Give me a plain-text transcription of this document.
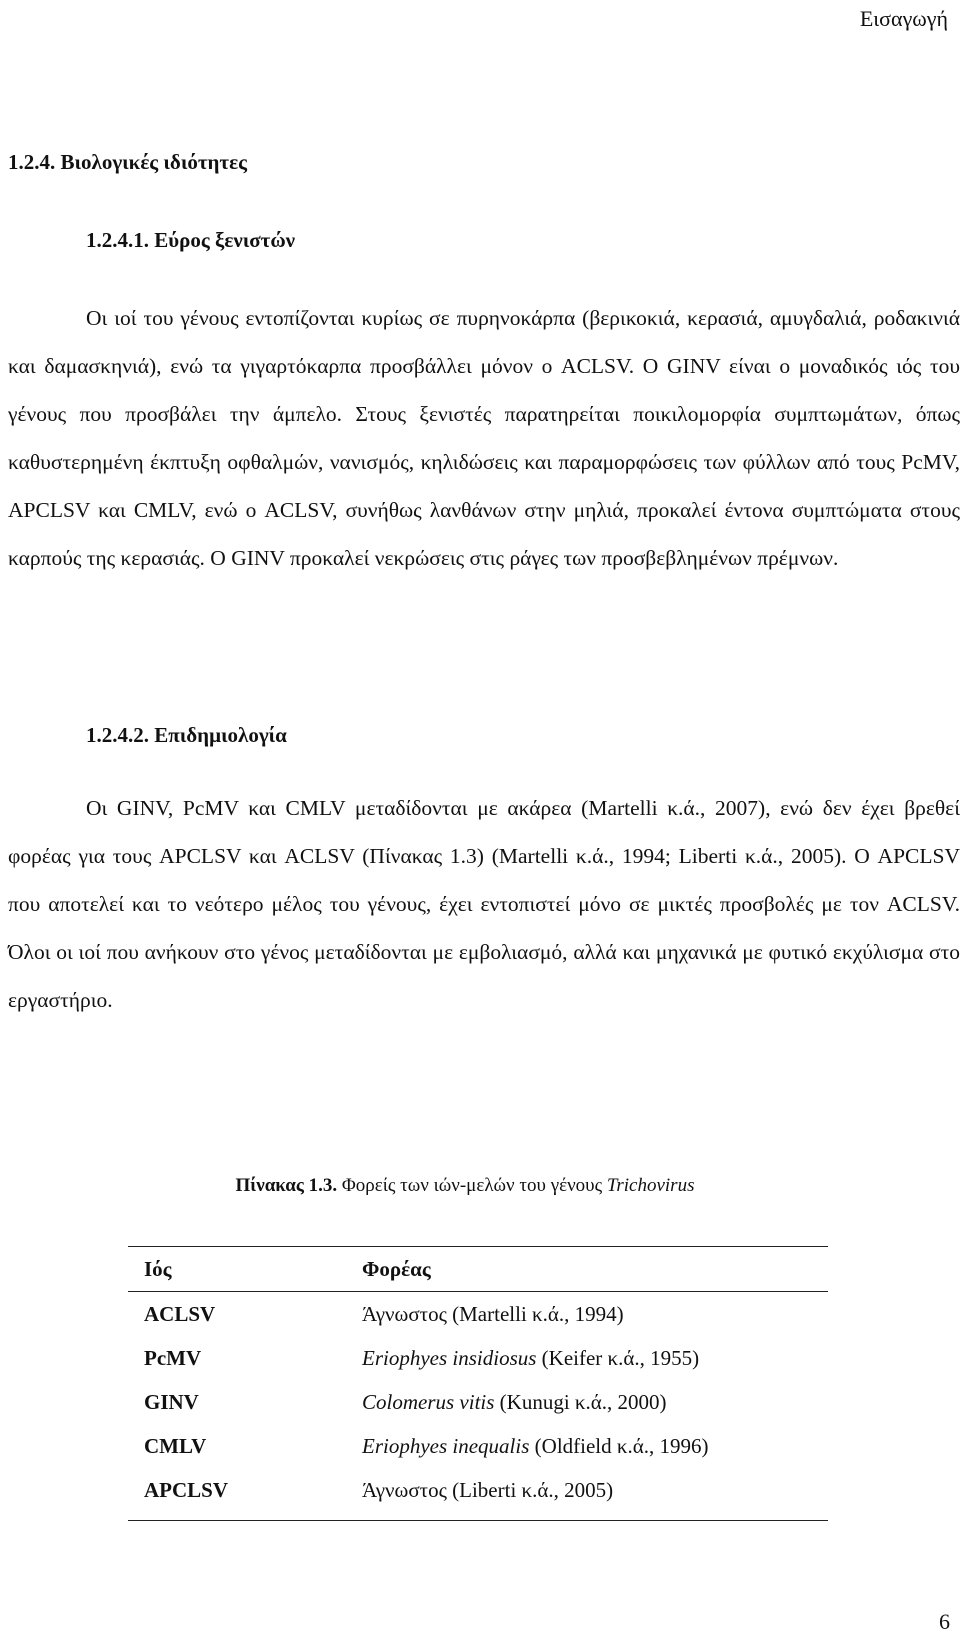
Εισαγωγή
1.2.4. Βιολογικές ιδιότητες
1.2.4.1. Εύρος ξενιστών

Οι ιοί του γένους εντοπίζονται κυρίως σε πυρηνοκάρπα (βερικοκιά, κερασιά, αμυγδαλιά, ροδακινιά και δαμασκηνιά), ενώ τα γιγαρτόκαρπα προσβάλλει μόνον ο ACLSV. Ο GINV είναι ο μοναδικός ιός του γένους που προσβάλει την άμπελο. Στους ξενιστές παρατηρείται ποικιλομορφία συμπτωμάτων, όπως καθυστερημένη έκπτυξη οφθαλμών, νανισμός, κηλιδώσεις και παραμορφώσεις των φύλλων από τους PcMV, APCLSV και CMLV, ενώ ο ACLSV, συνήθως λανθάνων στην μηλιά, προκαλεί έντονα συμπτώματα στους καρπούς της κερασιάς. Ο GINV προκαλεί νεκρώσεις στις ράγες των προσβεβλημένων πρέμνων.

1.2.4.2. Επιδημιολογία

Οι GINV, PcMV και CMLV μεταδίδονται με ακάρεα (Martelli κ.ά., 2007), ενώ δεν έχει βρεθεί φορέας για τους APCLSV και ACLSV (Πίνακας 1.3) (Martelli κ.ά., 1994; Liberti κ.ά., 2005). Ο APCLSV που αποτελεί και το νεότερο μέλος του γένους, έχει εντοπιστεί μόνο σε μικτές προσβολές με τον ACLSV. Όλοι οι ιοί που ανήκουν στο γένος μεταδίδονται με εμβολιασμό, αλλά και μηχανικά με φυτικό εκχύλισμα στο εργαστήριο.

Πίνακας 1.3. Φορείς των ιών-μελών του γένους Trichovirus
Ιός	Φορέας
ACLSV	Άγνωστος (Martelli κ.ά., 1994)
PcMV	Eriophyes insidiosus (Keifer κ.ά., 1955)
GINV	Colomerus vitis (Kunugi κ.ά., 2000)
CMLV	Eriophyes inequalis (Oldfield κ.ά., 1996)
APCLSV	Άγνωστος (Liberti κ.ά., 2005)
6
